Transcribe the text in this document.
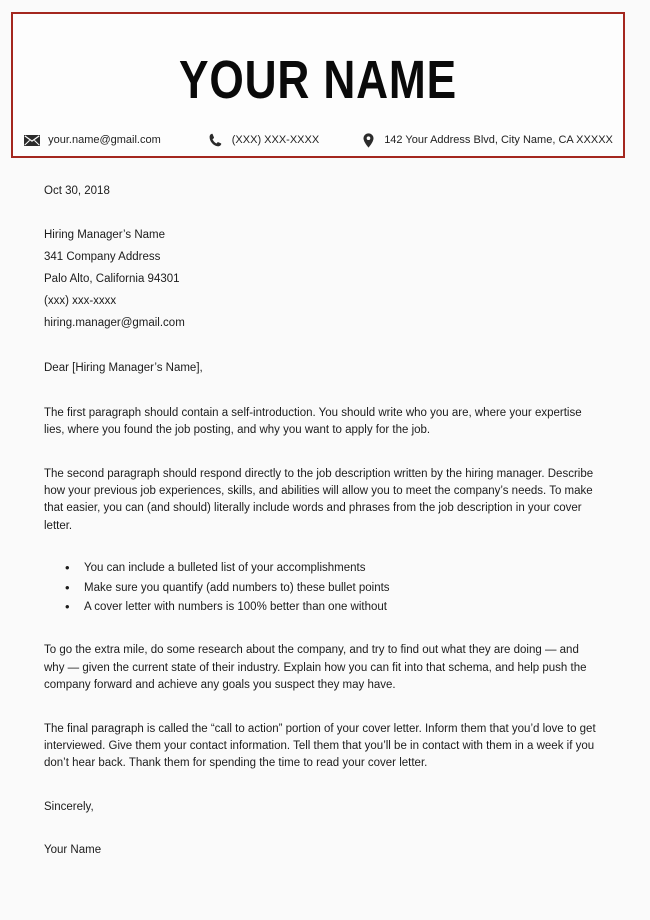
YOUR NAME
your.name@gmail.com	(XXX) XXX-XXXX	142 Your Address Blvd, City Name, CA XXXXX
Oct 30, 2018
Hiring Manager’s Name
341 Company Address
Palo Alto, California 94301
(xxx) xxx-xxxx
hiring.manager@gmail.com
Dear [Hiring Manager’s Name],

The first paragraph should contain a self-introduction. You should write who you are, where your expertise lies, where you found the job posting, and why you want to apply for the job.

The second paragraph should respond directly to the job description written by the hiring manager. Describe how your previous job experiences, skills, and abilities will allow you to meet the company’s needs. To make that easier, you can (and should) literally include words and phrases from the job description in your cover letter.

• You can include a bulleted list of your accomplishments
• Make sure you quantify (add numbers to) these bullet points
• A cover letter with numbers is 100% better than one without

To go the extra mile, do some research about the company, and try to find out what they are doing — and why — given the current state of their industry. Explain how you can fit into that schema, and help push the company forward and achieve any goals you suspect they may have.

The final paragraph is called the “call to action” portion of your cover letter. Inform them that you’d love to get interviewed. Give them your contact information. Tell them that you’ll be in contact with them in a week if you don’t hear back. Thank them for spending the time to read your cover letter.

Sincerely,
Your Name
